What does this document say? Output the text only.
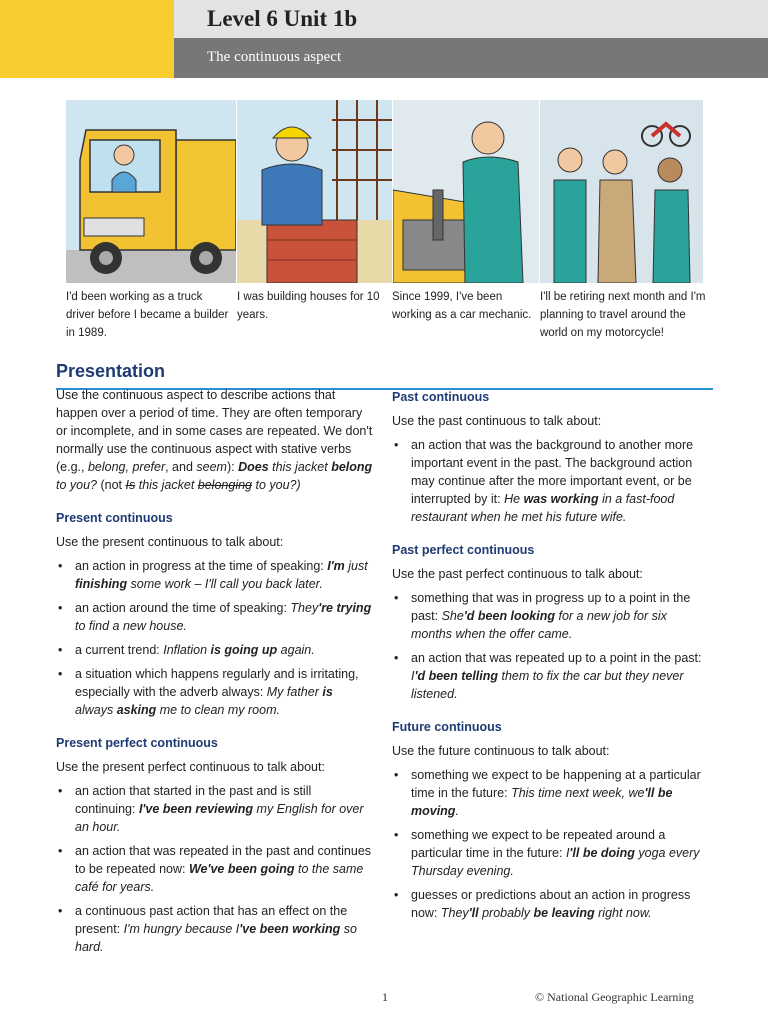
Level 6 Unit 1b
The continuous aspect
I'd been working as a truck driver before I became a builder in 1989.
I was building houses for 10 years.
Since 1999, I've been working as a car mechanic.
I'll be retiring next month and I'm planning to travel around the world on my motorcycle!
Presentation

Use the continuous aspect to describe actions that happen over a period of time. They are often temporary or incomplete, and in some cases are repeated. We don't normally use the continuous aspect with stative verbs (e.g., belong, prefer, and seem): Does this jacket belong to you? (not Is this jacket belonging to you?)

Present continuous

Use the present continuous to talk about:

• an action in progress at the time of speaking: I'm just finishing some work – I'll call you back later.
• an action around the time of speaking: They're trying to find a new house.
• a current trend: Inflation is going up again.
• a situation which happens regularly and is irritating, especially with the adverb always: My father is always asking me to clean my room.

Present perfect continuous

Use the present perfect continuous to talk about:

• an action that started in the past and is still continuing: I've been reviewing my English for over an hour.
• an action that was repeated in the past and continues to be repeated now: We've been going to the same café for years.
• a continuous past action that has an effect on the present: I'm hungry because I've been working so hard.

Past continuous

Use the past continuous to talk about:

• an action that was the background to another more important event in the past. The background action may continue after the more important event, or be interrupted by it: He was working in a fast-food restaurant when he met his future wife.

Past perfect continuous

Use the past perfect continuous to talk about:

• something that was in progress up to a point in the past: She'd been looking for a new job for six months when the offer came.
• an action that was repeated up to a point in the past: I'd been telling them to fix the car but they never listened.

Future continuous

Use the future continuous to talk about:

• something we expect to be happening at a particular time in the future: This time next week, we'll be moving.
• something we expect to be repeated around a particular time in the future: I'll be doing yoga every Thursday evening.
• guesses or predictions about an action in progress now: They'll probably be leaving right now.
1	© National Geographic Learning
